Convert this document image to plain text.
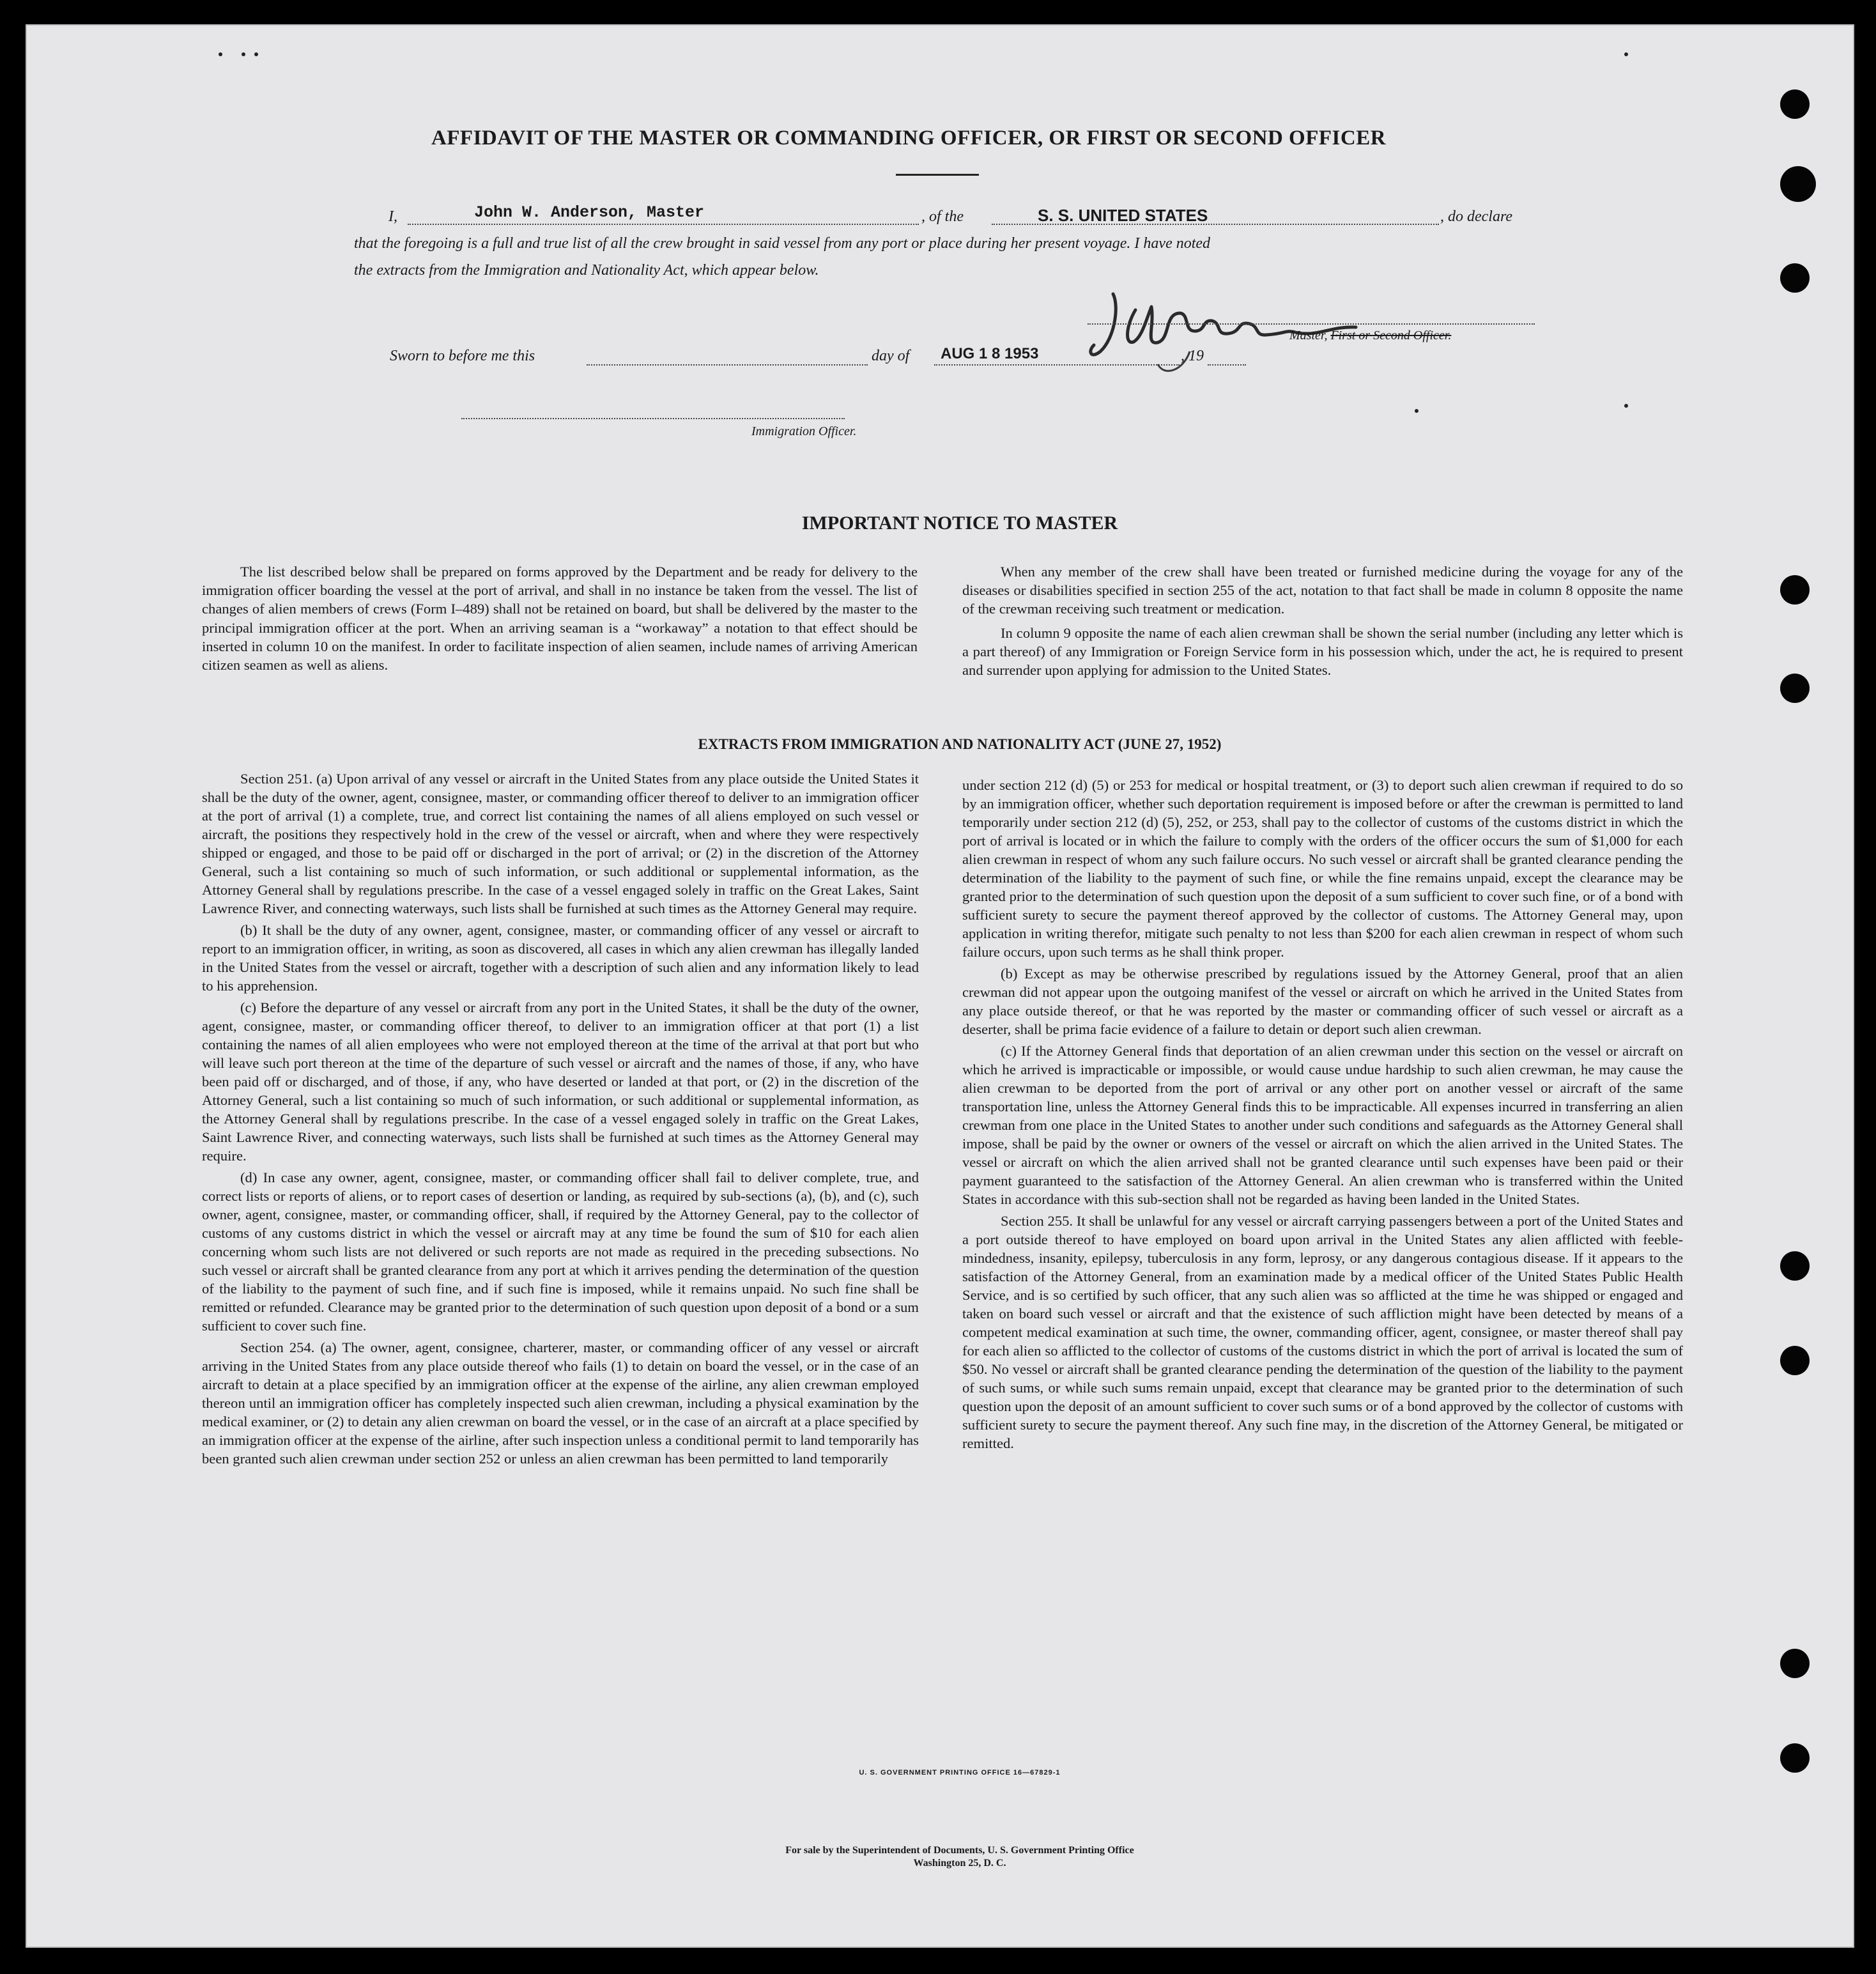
AFFIDAVIT OF THE MASTER OR COMMANDING OFFICER, OR FIRST OR SECOND OFFICER
I,	John W. Anderson, Master	, of the	S. S. UNITED STATES	, do declare
that the foregoing is a full and true list of all the crew brought in said vessel from any port or place during her present voyage. I have noted
the extracts from the Immigration and Nationality Act, which appear below.
Master, First or Second Officer.
Sworn to before me this	day of AUG 1 8 1953	, 19
Immigration Officer.
IMPORTANT NOTICE TO MASTER

The list described below shall be prepared on forms approved by the Department and be ready for delivery to the immigration officer boarding the vessel at the port of arrival, and shall in no instance be taken from the vessel. The list of changes of alien members of crews (Form I–489) shall not be retained on board, but shall be delivered by the master to the principal immigration officer at the port. When an arriving seaman is a “workaway” a notation to that effect should be inserted in column 10 on the manifest. In order to facilitate inspection of alien seamen, include names of arriving American citizen seamen as well as aliens.

When any member of the crew shall have been treated or furnished medicine during the voyage for any of the diseases or disabilities specified in section 255 of the act, notation to that fact shall be made in column 8 opposite the name of the crewman receiving such treatment or medication.

In column 9 opposite the name of each alien crewman shall be shown the serial number (including any letter which is a part thereof) of any Immigration or Foreign Service form in his possession which, under the act, he is required to present and surrender upon applying for admission to the United States.

EXTRACTS FROM IMMIGRATION AND NATIONALITY ACT (JUNE 27, 1952)

Section 251. (a) Upon arrival of any vessel or aircraft in the United States from any place outside the United States it shall be the duty of the owner, agent, consignee, master, or commanding officer thereof to deliver to an immigration officer at the port of arrival (1) a complete, true, and correct list containing the names of all aliens employed on such vessel or aircraft, the positions they respectively hold in the crew of the vessel or aircraft, when and where they were respectively shipped or engaged, and those to be paid off or discharged in the port of arrival; or (2) in the discretion of the Attorney General, such a list containing so much of such information, or such additional or supplemental information, as the Attorney General shall by regulations prescribe. In the case of a vessel engaged solely in traffic on the Great Lakes, Saint Lawrence River, and connecting waterways, such lists shall be furnished at such times as the Attorney General may require.

(b) It shall be the duty of any owner, agent, consignee, master, or commanding officer of any vessel or aircraft to report to an immigration officer, in writing, as soon as discovered, all cases in which any alien crewman has illegally landed in the United States from the vessel or aircraft, together with a description of such alien and any information likely to lead to his apprehension.

(c) Before the departure of any vessel or aircraft from any port in the United States, it shall be the duty of the owner, agent, consignee, master, or commanding officer thereof, to deliver to an immigration officer at that port (1) a list containing the names of all alien employees who were not employed thereon at the time of the arrival at that port but who will leave such port thereon at the time of the departure of such vessel or aircraft and the names of those, if any, who have been paid off or discharged, and of those, if any, who have deserted or landed at that port, or (2) in the discretion of the Attorney General, such a list containing so much of such information, or such additional or supplemental information, as the Attorney General shall by regulations prescribe. In the case of a vessel engaged solely in traffic on the Great Lakes, Saint Lawrence River, and connecting waterways, such lists shall be furnished at such times as the Attorney General may require.

(d) In case any owner, agent, consignee, master, or commanding officer shall fail to deliver complete, true, and correct lists or reports of aliens, or to report cases of desertion or landing, as required by sub-sections (a), (b), and (c), such owner, agent, consignee, master, or commanding officer, shall, if required by the Attorney General, pay to the collector of customs of any customs district in which the vessel or aircraft may at any time be found the sum of $10 for each alien concerning whom such lists are not delivered or such reports are not made as required in the preceding subsections. No such vessel or aircraft shall be granted clearance from any port at which it arrives pending the determination of the question of the liability to the payment of such fine, and if such fine is imposed, while it remains unpaid. No such fine shall be remitted or refunded. Clearance may be granted prior to the determination of such question upon deposit of a bond or a sum sufficient to cover such fine.

Section 254. (a) The owner, agent, consignee, charterer, master, or commanding officer of any vessel or aircraft arriving in the United States from any place outside thereof who fails (1) to detain on board the vessel, or in the case of an aircraft to detain at a place specified by an immigration officer at the expense of the airline, any alien crewman employed thereon until an immigration officer has completely inspected such alien crewman, including a physical examination by the medical examiner, or (2) to detain any alien crewman on board the vessel, or in the case of an aircraft at a place specified by an immigration officer at the expense of the airline, after such inspection unless a conditional permit to land temporarily has been granted such alien crewman under section 252 or unless an alien crewman has been permitted to land temporarily

under section 212 (d) (5) or 253 for medical or hospital treatment, or (3) to deport such alien crewman if required to do so by an immigration officer, whether such deportation requirement is imposed before or after the crewman is permitted to land temporarily under section 212 (d) (5), 252, or 253, shall pay to the collector of customs of the customs district in which the port of arrival is located or in which the failure to comply with the orders of the officer occurs the sum of $1,000 for each alien crewman in respect of whom any such failure occurs. No such vessel or aircraft shall be granted clearance pending the determination of the liability to the payment of such fine, or while the fine remains unpaid, except the clearance may be granted prior to the determination of such question upon the deposit of a sum sufficient to cover such fine, or of a bond with sufficient surety to secure the payment thereof approved by the collector of customs. The Attorney General may, upon application in writing therefor, mitigate such penalty to not less than $200 for each alien crewman in respect of whom such failure occurs, upon such terms as he shall think proper.

(b) Except as may be otherwise prescribed by regulations issued by the Attorney General, proof that an alien crewman did not appear upon the outgoing manifest of the vessel or aircraft on which he arrived in the United States from any place outside thereof, or that he was reported by the master or commanding officer of such vessel or aircraft as a deserter, shall be prima facie evidence of a failure to detain or deport such alien crewman.

(c) If the Attorney General finds that deportation of an alien crewman under this section on the vessel or aircraft on which he arrived is impracticable or impossible, or would cause undue hardship to such alien crewman, he may cause the alien crewman to be deported from the port of arrival or any other port on another vessel or aircraft of the same transportation line, unless the Attorney General finds this to be impracticable. All expenses incurred in transferring an alien crewman from one place in the United States to another under such conditions and safeguards as the Attorney General shall impose, shall be paid by the owner or owners of the vessel or aircraft on which the alien arrived in the United States. The vessel or aircraft on which the alien arrived shall not be granted clearance until such expenses have been paid or their payment guaranteed to the satisfaction of the Attorney General. An alien crewman who is transferred within the United States in accordance with this sub-section shall not be regarded as having been landed in the United States.

Section 255. It shall be unlawful for any vessel or aircraft carrying passengers between a port of the United States and a port outside thereof to have employed on board upon arrival in the United States any alien afflicted with feeble-mindedness, insanity, epilepsy, tuberculosis in any form, leprosy, or any dangerous contagious disease. If it appears to the satisfaction of the Attorney General, from an examination made by a medical officer of the United States Public Health Service, and is so certified by such officer, that any such alien was so afflicted at the time he was shipped or engaged and taken on board such vessel or aircraft and that the existence of such affliction might have been detected by means of a competent medical examination at such time, the owner, commanding officer, agent, consignee, or master thereof shall pay for each alien so afflicted to the collector of customs of the customs district in which the port of arrival is located the sum of $50. No vessel or aircraft shall be granted clearance pending the determination of the question of the liability to the payment of such sums, or while such sums remain unpaid, except that clearance may be granted prior to the determination of such question upon the deposit of an amount sufficient to cover such sums or of a bond approved by the collector of customs with sufficient surety to secure the payment thereof. Any such fine may, in the discretion of the Attorney General, be mitigated or remitted.

U. S. GOVERNMENT PRINTING OFFICE 16—67829-1
For sale by the Superintendent of Documents, U. S. Government Printing Office
Washington 25, D. C.
